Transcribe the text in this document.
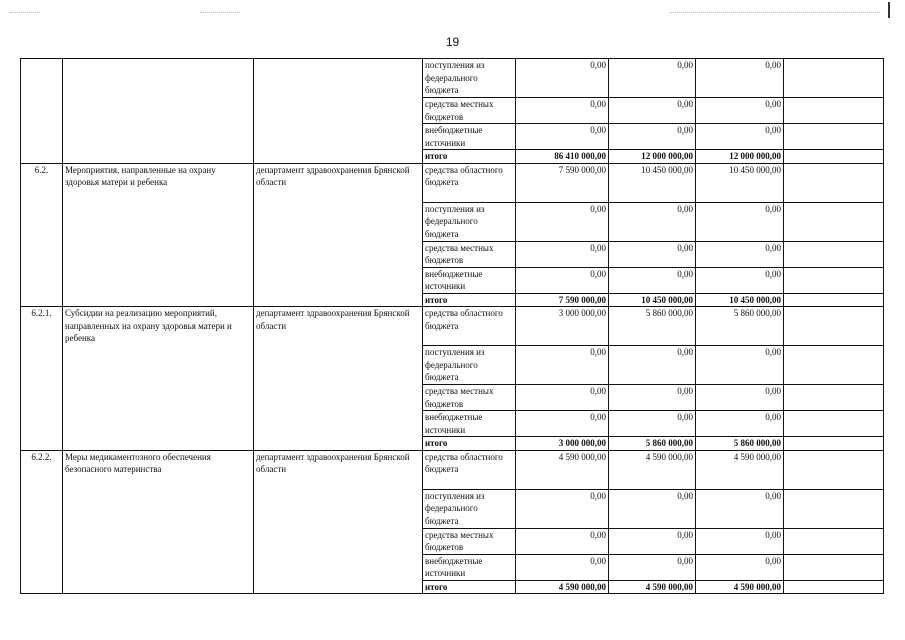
19
			поступления из федерального бюджета	0,00	0,00	0,00	
			средства местных бюджетов	0,00	0,00	0,00	
			внебюджетные источники	0,00	0,00	0,00	
			итого	86 410 000,00	12 000 000,00	12 000 000,00	
6.2.	Мероприятия, направленные на охрану здоровья матери и ребенка	департамент здравоохранения Брянской области	средства областного бюджета	7 590 000,00	10 450 000,00	10 450 000,00	
			поступления из федерального бюджета	0,00	0,00	0,00	
			средства местных бюджетов	0,00	0,00	0,00	
			внебюджетные источники	0,00	0,00	0,00	
			итого	7 590 000,00	10 450 000,00	10 450 000,00	
6.2.1.	Субсидии на реализацию мероприятий, направленных на охрану здоровья матери и ребенка	департамент здравоохранения Брянской области	средства областного бюджета	3 000 000,00	5 860 000,00	5 860 000,00	
			поступления из федерального бюджета	0,00	0,00	0,00	
			средства местных бюджетов	0,00	0,00	0,00	
			внебюджетные источники	0,00	0,00	0,00	
			итого	3 000 000,00	5 860 000,00	5 860 000,00	
6.2.2.	Меры медикаментозного обеспечения безопасного материнства	департамент здравоохранения Брянской области	средства областного бюджета	4 590 000,00	4 590 000,00	4 590 000,00	
			поступления из федерального бюджета	0,00	0,00	0,00	
			средства местных бюджетов	0,00	0,00	0,00	
			внебюджетные источники	0,00	0,00	0,00	
			итого	4 590 000,00	4 590 000,00	4 590 000,00	
